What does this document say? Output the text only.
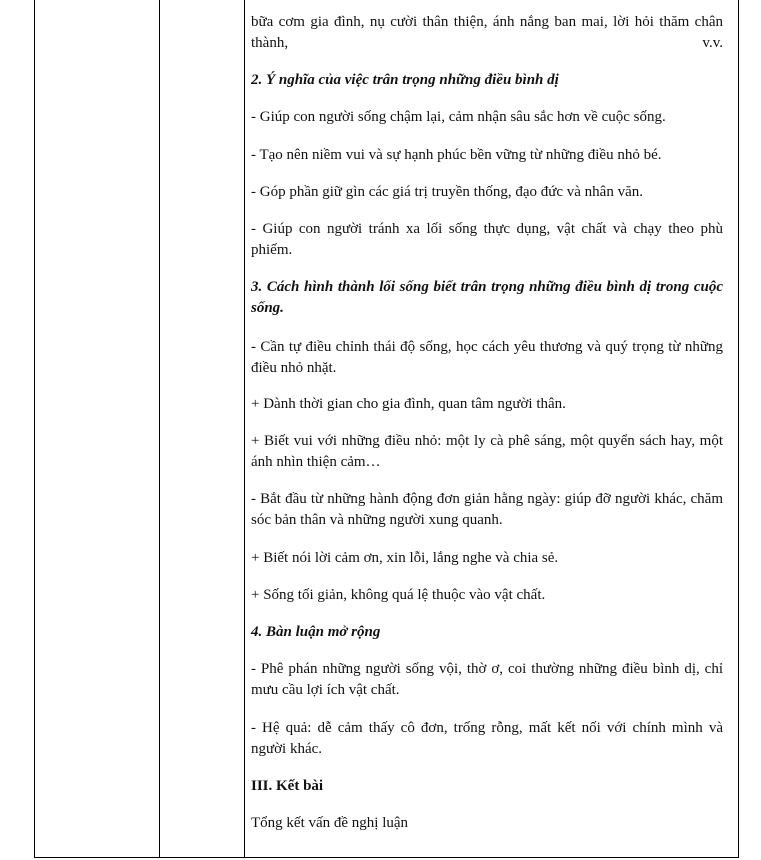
bữa cơm gia đình, nụ cười thân thiện, ánh nắng ban mai, lời hỏi thăm chân thành, v.v.

2. Ý nghĩa của việc trân trọng những điều bình dị

- Giúp con người sống chậm lại, cảm nhận sâu sắc hơn về cuộc sống.

- Tạo nên niềm vui và sự hạnh phúc bền vững từ những điều nhỏ bé.

- Góp phần giữ gìn các giá trị truyền thống, đạo đức và nhân văn.

- Giúp con người tránh xa lối sống thực dụng, vật chất và chạy theo phù phiếm.

3. Cách hình thành lối sống biết trân trọng những điều bình dị trong cuộc sống.

- Cần tự điều chỉnh thái độ sống, học cách yêu thương và quý trọng từ những điều nhỏ nhặt.

+ Dành thời gian cho gia đình, quan tâm người thân.

+ Biết vui với những điều nhỏ: một ly cà phê sáng, một quyển sách hay, một ánh nhìn thiện cảm…

- Bắt đầu từ những hành động đơn giản hằng ngày: giúp đỡ người khác, chăm sóc bản thân và những người xung quanh.

+ Biết nói lời cảm ơn, xin lỗi, lắng nghe và chia sẻ.

+ Sống tối giản, không quá lệ thuộc vào vật chất.

4. Bàn luận mở rộng

- Phê phán những người sống vội, thờ ơ, coi thường những điều bình dị, chỉ mưu cầu lợi ích vật chất.

- Hệ quả: dễ cảm thấy cô đơn, trống rỗng, mất kết nối với chính mình và người khác.

III. Kết bài

Tổng kết vấn đề nghị luận
